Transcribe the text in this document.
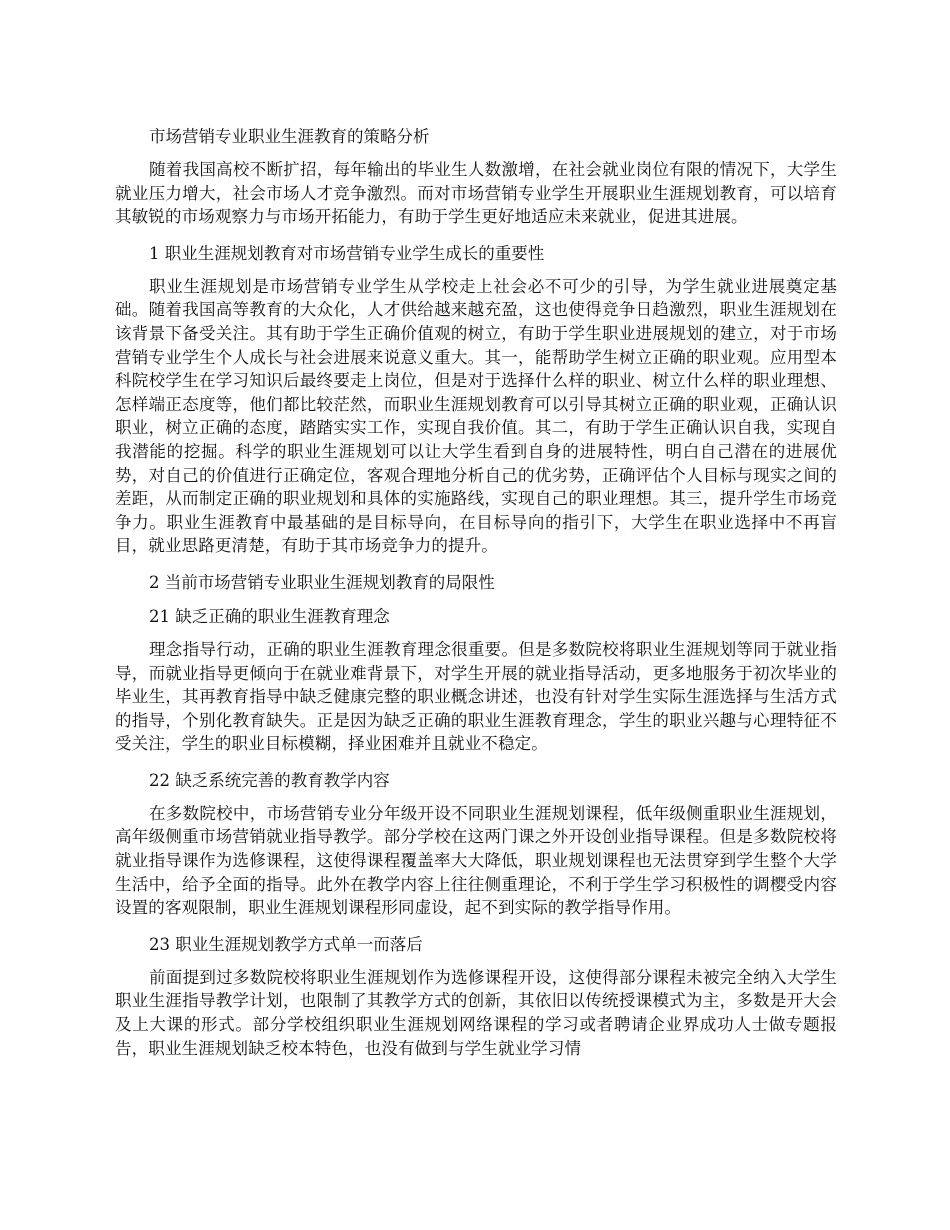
市场营销专业职业生涯教育的策略分析

随着我国高校不断扩招，每年输出的毕业生人数激增，在社会就业岗位有限的情况下，大学生就业压力增大，社会市场人才竞争激烈。而对市场营销专业学生开展职业生涯规划教育，可以培育其敏锐的市场观察力与市场开拓能力，有助于学生更好地适应未来就业，促进其进展。

1 职业生涯规划教育对市场营销专业学生成长的重要性

职业生涯规划是市场营销专业学生从学校走上社会必不可少的引导，为学生就业进展奠定基础。随着我国高等教育的大众化，人才供给越来越充盈，这也使得竞争日趋激烈，职业生涯规划在该背景下备受关注。其有助于学生正确价值观的树立，有助于学生职业进展规划的建立，对于市场营销专业学生个人成长与社会进展来说意义重大。其一，能帮助学生树立正确的职业观。应用型本科院校学生在学习知识后最终要走上岗位，但是对于选择什么样的职业、树立什么样的职业理想、怎样端正态度等，他们都比较茫然，而职业生涯规划教育可以引导其树立正确的职业观，正确认识职业，树立正确的态度，踏踏实实工作，实现自我价值。其二，有助于学生正确认识自我，实现自我潜能的挖掘。科学的职业生涯规划可以让大学生看到自身的进展特性，明白自己潜在的进展优势，对自己的价值进行正确定位，客观合理地分析自己的优劣势，正确评估个人目标与现实之间的差距，从而制定正确的职业规划和具体的实施路线，实现自己的职业理想。其三，提升学生市场竞争力。职业生涯教育中最基础的是目标导向，在目标导向的指引下，大学生在职业选择中不再盲目，就业思路更清楚，有助于其市场竞争力的提升。

2 当前市场营销专业职业生涯规划教育的局限性

21 缺乏正确的职业生涯教育理念

理念指导行动，正确的职业生涯教育理念很重要。但是多数院校将职业生涯规划等同于就业指导，而就业指导更倾向于在就业难背景下，对学生开展的就业指导活动，更多地服务于初次毕业的毕业生，其再教育指导中缺乏健康完整的职业概念讲述，也没有针对学生实际生涯选择与生活方式的指导，个别化教育缺失。正是因为缺乏正确的职业生涯教育理念，学生的职业兴趣与心理特征不受关注，学生的职业目标模糊，择业困难并且就业不稳定。

22 缺乏系统完善的教育教学内容

在多数院校中，市场营销专业分年级开设不同职业生涯规划课程，低年级侧重职业生涯规划，高年级侧重市场营销就业指导教学。部分学校在这两门课之外开设创业指导课程。但是多数院校将就业指导课作为选修课程，这使得课程覆盖率大大降低，职业规划课程也无法贯穿到学生整个大学生活中，给予全面的指导。此外在教学内容上往往侧重理论，不利于学生学习积极性的调樱受内容设置的客观限制，职业生涯规划课程形同虚设，起不到实际的教学指导作用。

23 职业生涯规划教学方式单一而落后

前面提到过多数院校将职业生涯规划作为选修课程开设，这使得部分课程未被完全纳入大学生职业生涯指导教学计划，也限制了其教学方式的创新，其依旧以传统授课模式为主，多数是开大会及上大课的形式。部分学校组织职业生涯规划网络课程的学习或者聘请企业界成功人士做专题报告，职业生涯规划缺乏校本特色，也没有做到与学生就业学习情
